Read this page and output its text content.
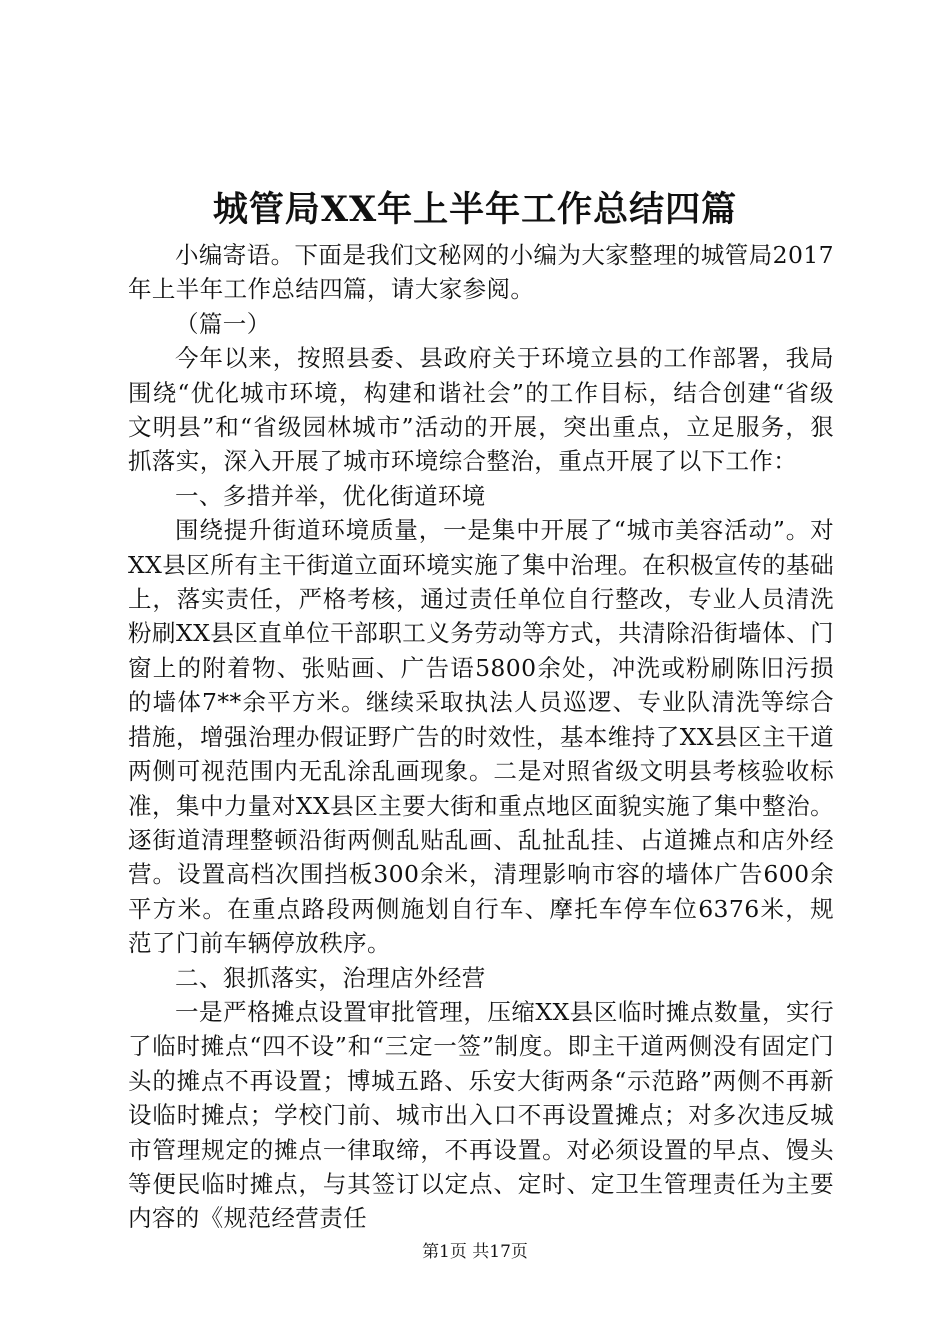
城管局XX年上半年工作总结四篇

小编寄语。下面是我们文秘网的小编为大家整理的城管局2017年上半年工作总结四篇，请大家参阅。

（篇一）

今年以来，按照县委、县政府关于环境立县的工作部署，我局围绕“优化城市环境，构建和谐社会”的工作目标，结合创建“省级文明县”和“省级园林城市”活动的开展，突出重点，立足服务，狠抓落实，深入开展了城市环境综合整治，重点开展了以下工作：

一、多措并举，优化街道环境

围绕提升街道环境质量，一是集中开展了“城市美容活动”。对XX县区所有主干街道立面环境实施了集中治理。在积极宣传的基础上，落实责任，严格考核，通过责任单位自行整改，专业人员清洗粉刷XX县区直单位干部职工义务劳动等方式，共清除沿街墙体、门窗上的附着物、张贴画、广告语5800余处，冲洗或粉刷陈旧污损的墙体7**余平方米。继续采取执法人员巡逻、专业队清洗等综合措施，增强治理办假证野广告的时效性，基本维持了XX县区主干道两侧可视范围内无乱涂乱画现象。二是对照省级文明县考核验收标准，集中力量对XX县区主要大街和重点地区面貌实施了集中整治。逐街道清理整顿沿街两侧乱贴乱画、乱扯乱挂、占道摊点和店外经营。设置高档次围挡板300余米，清理影响市容的墙体广告600余平方米。在重点路段两侧施划自行车、摩托车停车位6376米，规范了门前车辆停放秩序。

二、狠抓落实，治理店外经营

一是严格摊点设置审批管理，压缩XX县区临时摊点数量，实行了临时摊点“四不设”和“三定一签”制度。即主干道两侧没有固定门头的摊点不再设置；博城五路、乐安大街两条“示范路”两侧不再新设临时摊点；学校门前、城市出入口不再设置摊点；对多次违反城市管理规定的摊点一律取缔，不再设置。对必须设置的早点、馒头等便民临时摊点，与其签订以定点、定时、定卫生管理责任为主要内容的《规范经营责任

第1页 共17页
